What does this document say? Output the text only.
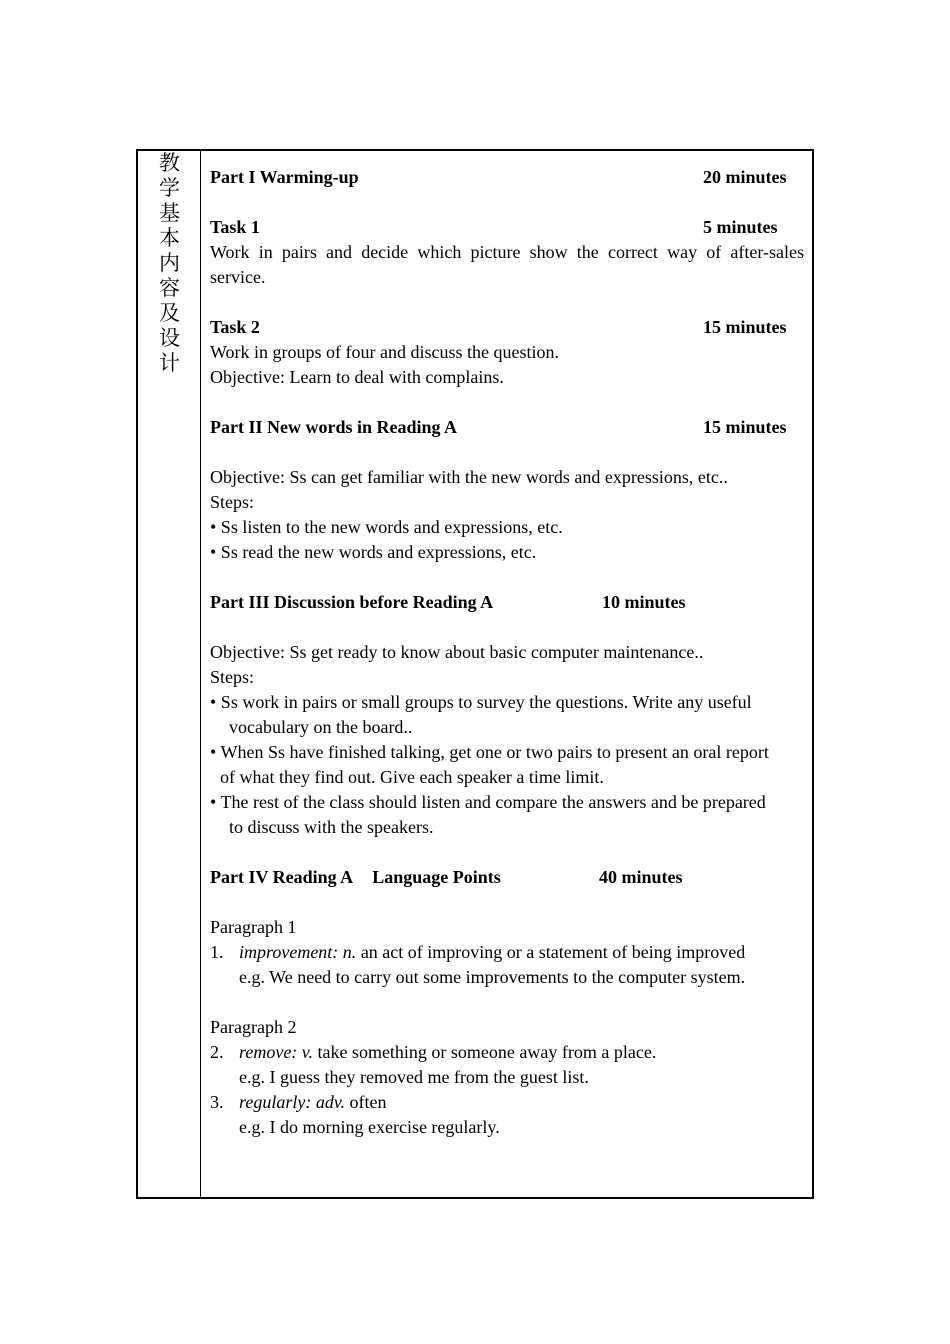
教
学
基
本
内
容
及
设
计
Part I Warming-up	20 minutes
Task 1	5 minutes
Work in pairs and decide which picture show the correct way of after-sales
service.
Task 2	15 minutes
Work in groups of four and discuss the question.
Objective: Learn to deal with complains.
Part II New words in Reading A	15 minutes
Objective: Ss can get familiar with the new words and expressions, etc..
Steps:
• Ss listen to the new words and expressions, etc.
• Ss read the new words and expressions, etc.
Part III Discussion before Reading A	10 minutes
Objective: Ss get ready to know about basic computer maintenance..
Steps:
• Ss work in pairs or small groups to survey the questions. Write any useful
vocabulary on the board..
• When Ss have finished talking, get one or two pairs to present an oral report
of what they find out. Give each speaker a time limit.
• The rest of the class should listen and compare the answers and be prepared
to discuss with the speakers.
Part IV Reading A Language Points	40 minutes
Paragraph 1
1. improvement: n. an act of improving or a statement of being improved
e.g. We need to carry out some improvements to the computer system.
Paragraph 2
2. remove: v. take something or someone away from a place.
e.g. I guess they removed me from the guest list.
3. regularly: adv. often
e.g. I do morning exercise regularly.
